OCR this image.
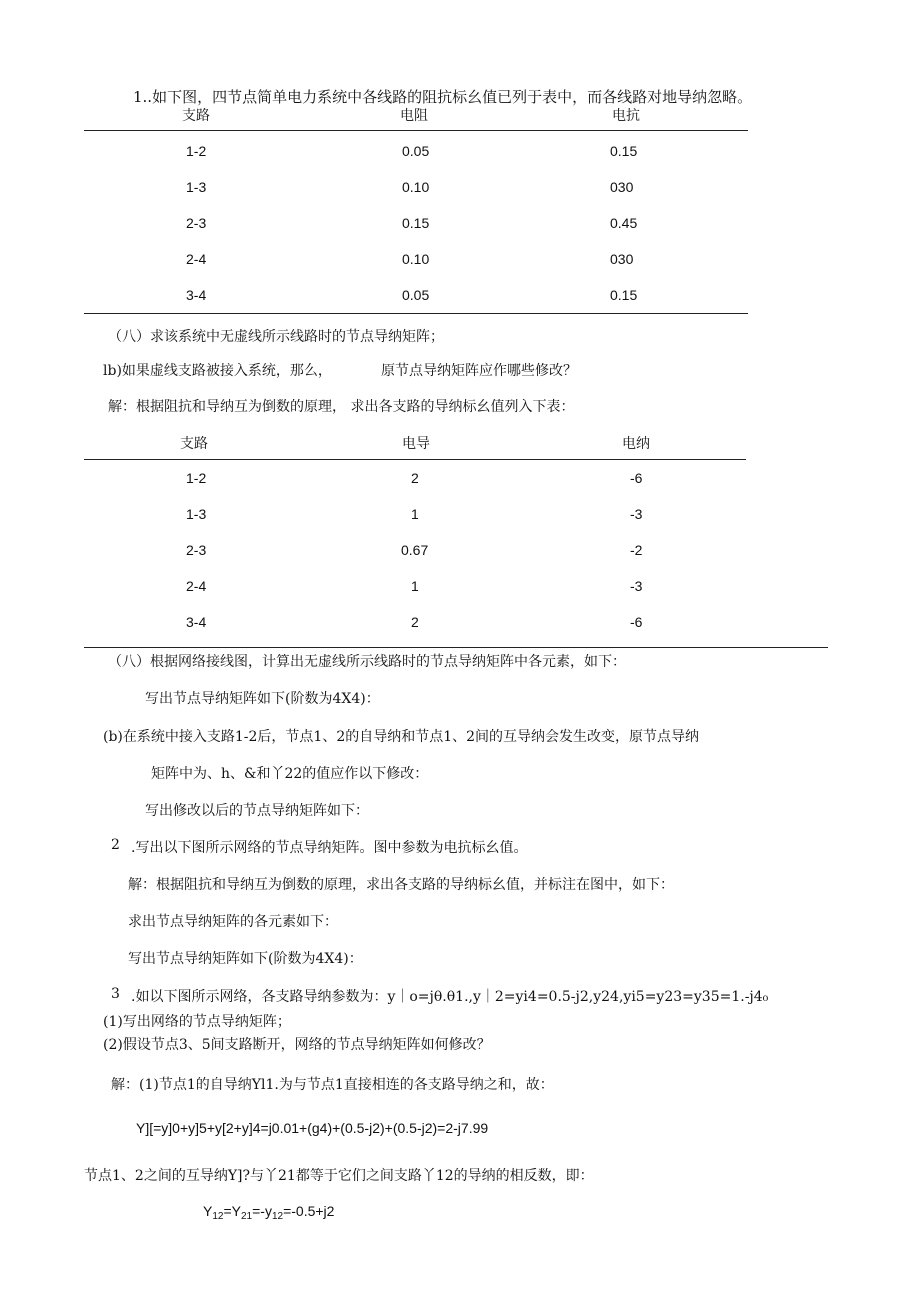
1..如下图，四节点简单电力系统中各线路的阻抗标幺值已列于表中，而各线路对地导纳忽略。
支路	电阻	电抗
1-2	0.05	0.15
1-3	0.10	030
2-3	0.15	0.45
2-4	0.10	030
3-4	0.05	0.15
（八）求该系统中无虚线所示线路时的节点导纳矩阵；
lb)如果虚线支路被接入系统，那么，	原节点导纳矩阵应作哪些修改？
解：根据阻抗和导纳互为倒数的原理， 求出各支路的导纳标幺值列入下表：
支路	电导	电纳
1-2	2	-6
1-3	1	-3
2-3	0.67	-2
2-4	1	-3
3-4	2	-6
（八）根据网络接线图，计算出无虚线所示线路时的节点导纳矩阵中各元素，如下：
写出节点导纳矩阵如下(阶数为4X4)：
(b)在系统中接入支路1-2后，节点1、2的自导纳和节点1、2间的互导纳会发生改变，原节点导纳
矩阵中为、h、&和丫22的值应作以下修改：
写出修改以后的节点导纳矩阵如下：
2 .写出以下图所示网络的节点导纳矩阵。图中参数为电抗标幺值。
解：根据阻抗和导纳互为倒数的原理，求出各支路的导纳标幺值，并标注在图中，如下：
求出节点导纳矩阵的各元素如下：
写出节点导纳矩阵如下(阶数为4X4)：
3 .如以下图所示网络，各支路导纳参数为：y｜o=jθ.θ1.,y｜2=yi4=0.5-j2,y24,yi5=y23=y35=1.-j4₀
(1)写出网络的节点导纳矩阵；
(2)假设节点3、5间支路断开，网络的节点导纳矩阵如何修改？
解：(1)节点1的自导纳Yl1.为与节点1直接相连的各支路导纳之和，故：
Y][=y]0+y]5+y[2+y]4=j0.01+(g4)+(0.5-j2)+(0.5-j2)=2-j7.99
节点1、2之间的互导纳Y]?与丫21都等于它们之间支路丫12的导纳的相反数，即：
$Y_{12}=Y_{21}=-y_{12}=-0.5+j2$
